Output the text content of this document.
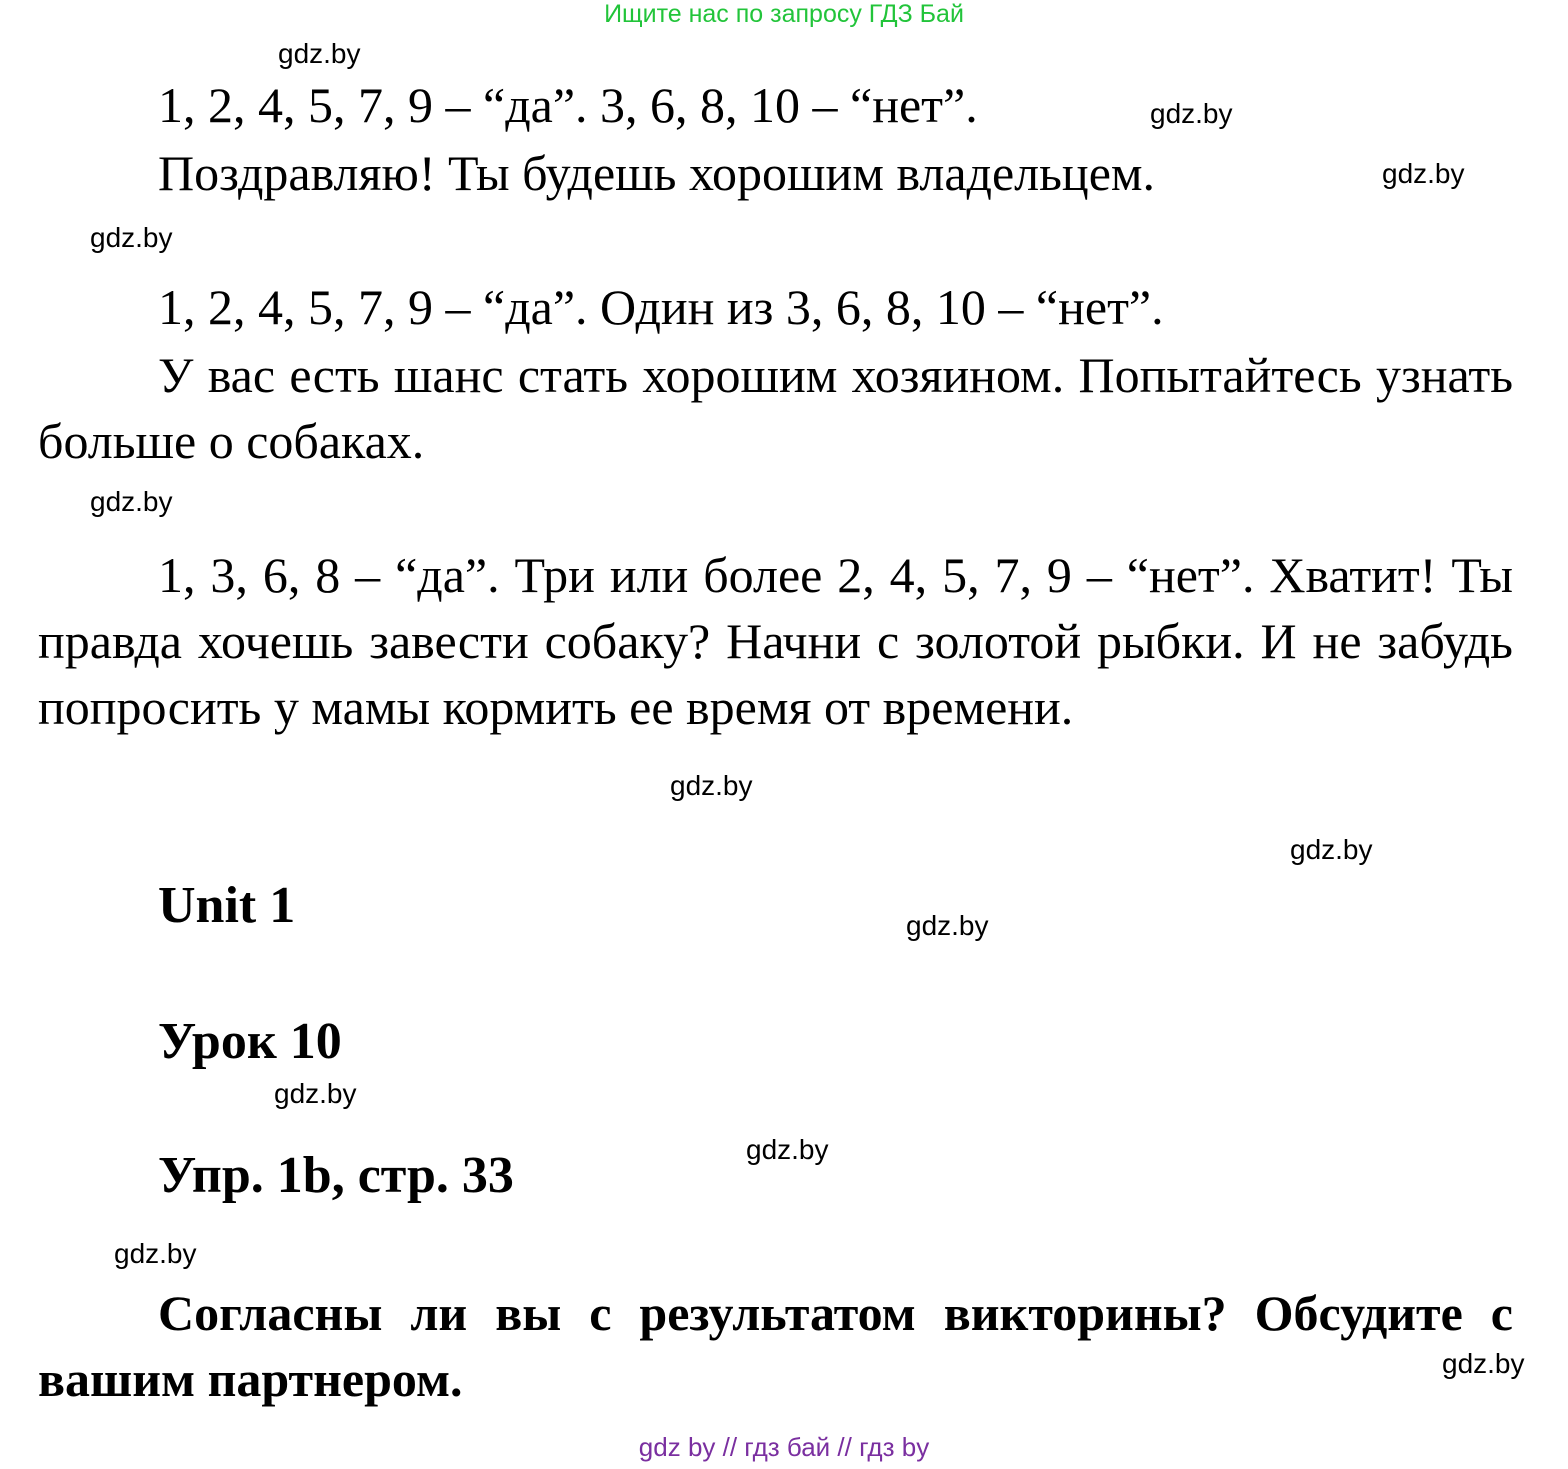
Ищите нас по запросу ГДЗ Бай
gdz.by
gdz.by
gdz.by
gdz.by
gdz.by
gdz.by
gdz.by
gdz.by
gdz.by
gdz.by
gdz.by
gdz.by
1, 2, 4, 5, 7, 9 – “да”. 3, 6, 8, 10 – “нет”.
Поздравляю! Ты будешь хорошим владельцем.
1, 2, 4, 5, 7, 9 – “да”. Один из 3, 6, 8, 10 – “нет”.

У вас есть шанс стать хорошим хозяином. Попытайтесь узнать больше о собаках.

1, 3, 6, 8 – “да”. Три или более 2, 4, 5, 7, 9 – “нет”. Хватит! Ты правда хочешь завести собаку? Начни с золотой рыбки. И не забудь попросить у мамы кормить ее время от времени.

Unit 1
Урок 10
Упр. 1b, стр. 33

Согласны ли вы с результатом викторины? Обсудите с вашим партнером.

gdz by // гдз бай // гдз by
